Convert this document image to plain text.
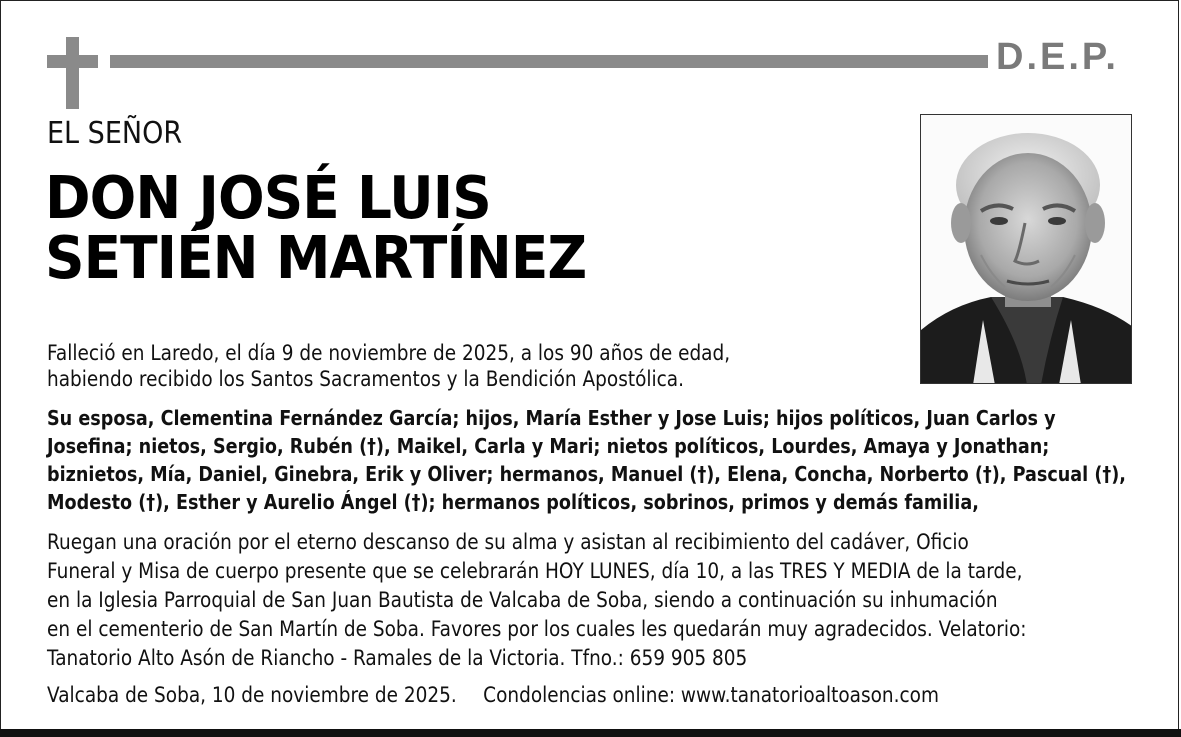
D.E.P.
EL SEÑOR
DON JOSÉ LUIS
SETIÉN MARTÍNEZ
Falleció en Laredo, el día 9 de noviembre de 2025, a los 90 años de edad,
habiendo recibido los Santos Sacramentos y la Bendición Apostólica.
Su esposa, Clementina Fernández García; hijos, María Esther y Jose Luis; hijos políticos, Juan Carlos y
Josefina; nietos, Sergio, Rubén (†), Maikel, Carla y Mari; nietos políticos, Lourdes, Amaya y Jonathan;
biznietos, Mía, Daniel, Ginebra, Erik y Oliver; hermanos, Manuel (†), Elena, Concha, Norberto (†), Pascual (†),
Modesto (†), Esther y Aurelio Ángel (†); hermanos políticos, sobrinos, primos y demás familia,
Ruegan una oración por el eterno descanso de su alma y asistan al recibimiento del cadáver, Oficio
Funeral y Misa de cuerpo presente que se celebrarán HOY LUNES, día 10, a las TRES Y MEDIA de la tarde,
en la Iglesia Parroquial de San Juan Bautista de Valcaba de Soba, siendo a continuación su inhumación
en el cementerio de San Martín de Soba. Favores por los cuales les quedarán muy agradecidos. Velatorio:
Tanatorio Alto Asón de Riancho - Ramales de la Victoria. Tfno.: 659 905 805
Valcaba de Soba, 10 de noviembre de 2025. Condolencias online: www.tanatorioaltoason.com
